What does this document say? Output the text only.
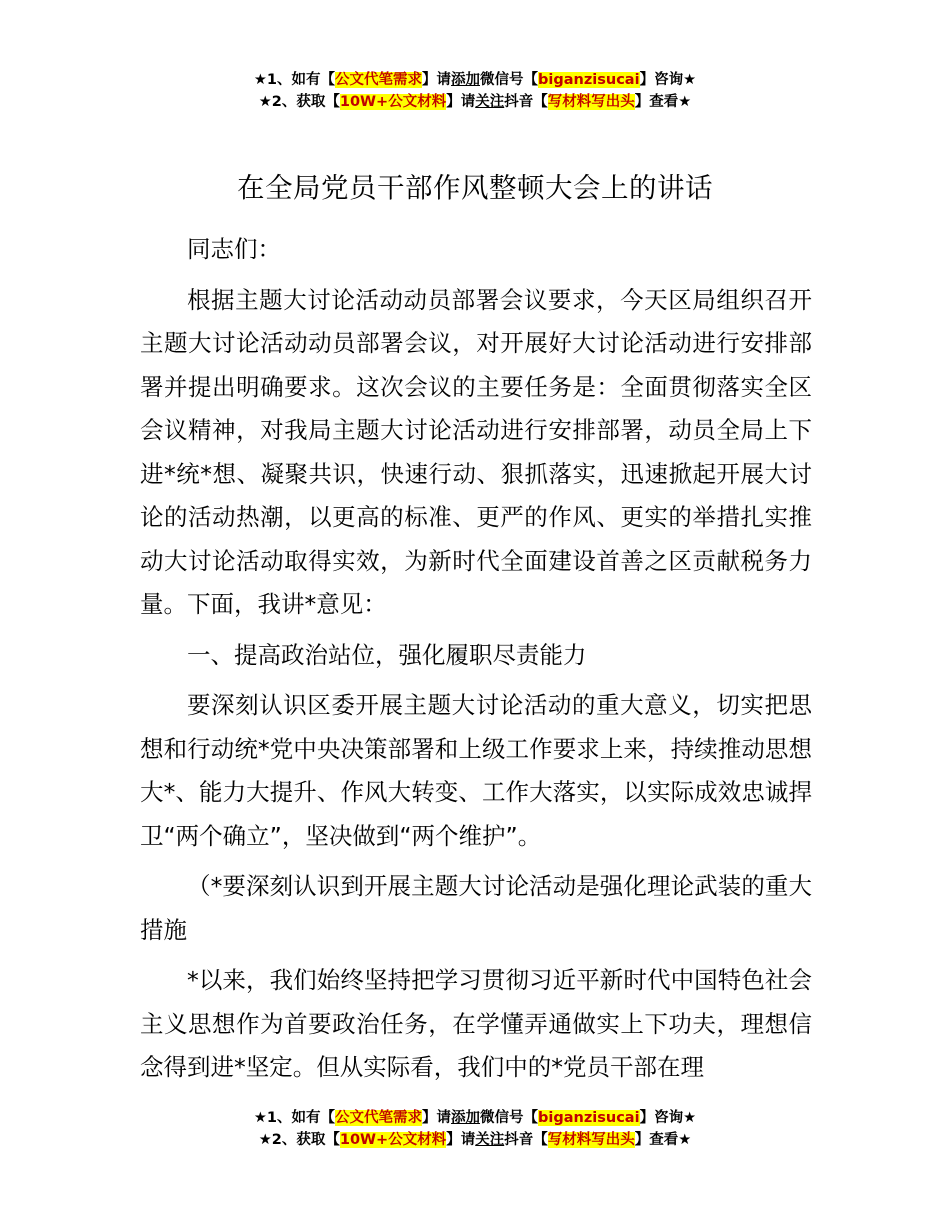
★1、如有【公文代笔需求】请添加微信号【biganzisucai】咨询★
★2、获取【10W+公文材料】请关注抖音【写材料写出头】查看★
在全局党员干部作风整顿大会上的讲话

同志们：

根据主题大讨论活动动员部署会议要求，今天区局组织召开主题大讨论活动动员部署会议，对开展好大讨论活动进行安排部署并提出明确要求。这次会议的主要任务是：全面贯彻落实全区会议精神，对我局主题大讨论活动进行安排部署，动员全局上下进*统*想、凝聚共识，快速行动、狠抓落实，迅速掀起开展大讨论的活动热潮，以更高的标准、更严的作风、更实的举措扎实推动大讨论活动取得实效，为新时代全面建设首善之区贡献税务力量。下面，我讲*意见：

一、提高政治站位，强化履职尽责能力

要深刻认识区委开展主题大讨论活动的重大意义，切实把思想和行动统*党中央决策部署和上级工作要求上来，持续推动思想大*、能力大提升、作风大转变、工作大落实，以实际成效忠诚捍卫“两个确立”，坚决做到“两个维护”。

（*要深刻认识到开展主题大讨论活动是强化理论武装的重大措施

*以来，我们始终坚持把学习贯彻习近平新时代中国特色社会主义思想作为首要政治任务，在学懂弄通做实上下功夫，理想信念得到进*坚定。但从实际看，我们中的*党员干部在理

★1、如有【公文代笔需求】请添加微信号【biganzisucai】咨询★
★2、获取【10W+公文材料】请关注抖音【写材料写出头】查看★
